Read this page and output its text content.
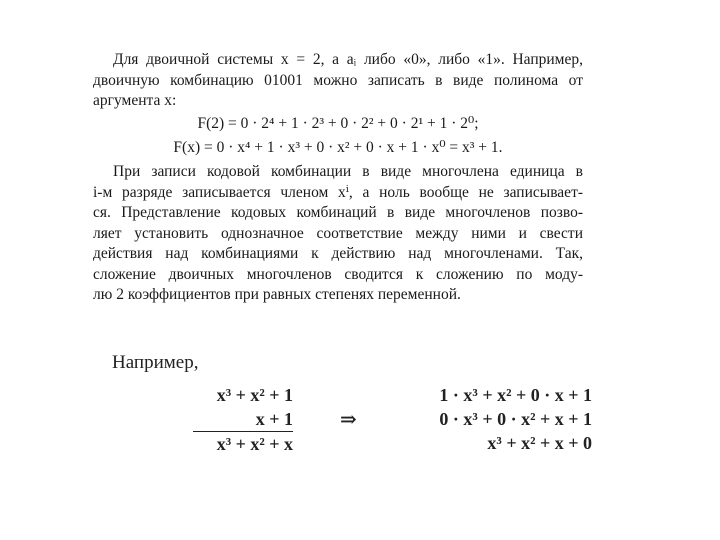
Для двоичной системы x = 2, а aᵢ либо «0», либо «1». Например,
двоичную комбинацию 01001 можно записать в виде полинома от
аргумента x:
F(2) = 0 · 2⁴ + 1 · 2³ + 0 · 2² + 0 · 2¹ + 1 · 2⁰;
F(x) = 0 · x⁴ + 1 · x³ + 0 · x² + 0 · x + 1 · x⁰ = x³ + 1.
При записи кодовой комбинации в виде многочлена единица в
i-м разряде записывается членом xⁱ, а ноль вообще не записывает-
ся. Представление кодовых комбинаций в виде многочленов позво-
ляет установить однозначное соответствие между ними и свести
действия над комбинациями к действию над многочленами. Так,
сложение двоичных многочленов сводится к сложению по моду-
лю 2 коэффициентов при равных степенях переменной.
Например,
x³ + x² + 1
x + 1
x³ + x² + x
⇒
1 · x³ + x² + 0 · x + 1
0 · x³ + 0 · x² + x + 1
x³ + x² + x + 0
